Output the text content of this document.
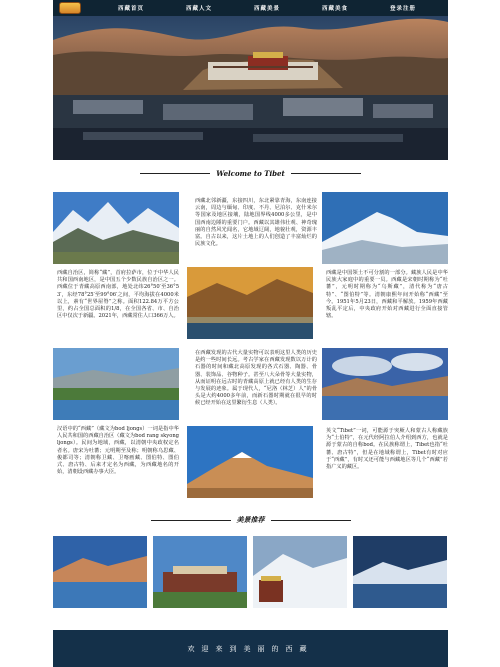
西藏首页	西藏人文	西藏美景	西藏美食	登录注册
Welcome to Tibet
西藏北邻新疆，东接四川，东北紧靠青海，东南连接云南，周边与缅甸、印度、不丹、尼泊尔、克什米尔等国家及地区接壤，陆地国界线4000多公里，是中国西南边陲的重要门户。西藏以其雄伟壮观、神奇瑰丽的自然风光闻名，它地域辽阔，地貌壮观，资源丰富。自古以来，这片土地上的人们创造了丰富灿烂的民族文化。
西藏自治区，简称“藏”，首府拉萨市，位于中华人民共和国西南地区，是中国五个少数民族自治区之一。西藏位于青藏高原西南部，地处北纬26°50′至36°53′，东经78°25′至99°06′之间，平均海拔在4000米以上，素有“世界屋脊”之称。面积122.84万平方公里，约占全国总面积的1/8，在全国各省、市、自治区中仅次于新疆。2021年，西藏常住人口366万人。
西藏是中国领土不可分割的一部分。藏族人民是中华民族大家庭中的重要一员。西藏是宋朝时期称为“吐蕃”，元明时期称为“乌斯藏”，清代称为“唐古特”、“图伯特”等。清朝康熙年间开始称“西藏”至今。1951年5月23日，西藏和平解放。1959年西藏叛乱平定后，中央政府开始对西藏进行全面直接管辖。
在西藏发现的古代大量实物可以表明这里人类的历史是约一些时间长远。考古学家在西藏发现数以万计的石器的时间和藏北高原发现的各式石器、陶器、骨器、装饰品、谷物种子。甚至八大朵骨等大量实物，从而证明在远古时的青藏高原上就已经有人类的生存与发展的迹象。属于现代人，“尼洛（林芝）人”的骨头是大约4000多年前，而新石器时期就在很早的时候已经开始在这里繁衍生息（人类）。
汉语中的“西藏”（藏文为bod ljongs）一词是指中华人民共和国的西藏自治区（藏文为bod rang skyong ljongs）。民间为地域，西藏，以清朝中央政权定名者名。唐宋为吐蕃；元明期至及称；明朝称乌思藏、俊都司等；清朝称卫藏、卫喀画藏、图伯特、图伯式、唐古特、后来才定名为西藏，为西藏地名的开始，清朝设西藏办事大臣。
英文“Tibet”一词，可能源于突厥人和蒙古人称藏族为“土伯特”，在元代经阿拉伯人介绍到西方，也就是源于蒙古的自称bod。在民族称谓上，Tibet也指“吐蕃、唐古特”，但是在地域称谓上，Tibet有时对应于“西藏”，有时又还可能与西藏地区等几个“西藏”若指广义的藏区。
美景推荐
欢迎来到美丽的西藏
